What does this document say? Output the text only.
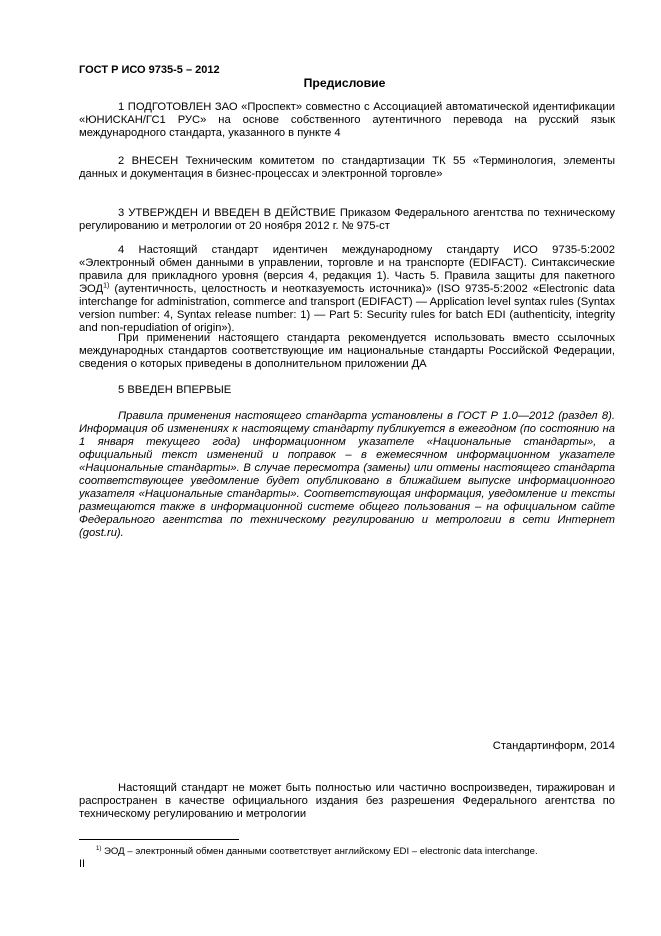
ГОСТ Р ИСО 9735-5 – 2012
Предисловие
1 ПОДГОТОВЛЕН ЗАО «Проспект» совместно с Ассоциацией автоматической идентификации «ЮНИСКАН/ГС1 РУС» на основе собственного аутентичного перевода на русский язык международного стандарта, указанного в пункте 4
2 ВНЕСЕН Техническим комитетом по стандартизации ТК 55 «Терминология, элементы данных и документация в бизнес-процессах и электронной торговле»
3 УТВЕРЖДЕН И ВВЕДЕН В ДЕЙСТВИЕ Приказом Федерального агентства по техническому регулированию и метрологии от 20 ноября 2012 г. № 975-ст
4 Настоящий стандарт идентичен международному стандарту ИСО 9735-5:2002 «Электронный обмен данными в управлении, торговле и на транспорте (EDIFACT). Синтаксические правила для прикладного уровня (версия 4, редакция 1). Часть 5. Правила защиты для пакетного ЭОД$^{1)}$ (аутентичность, целостность и неотказуемость источника)» (ISO 9735-5:2002 «Electronic data interchange for administration, commerce and transport (EDIFACT) — Application level syntax rules (Syntax version number: 4, Syntax release number: 1) — Part 5: Security rules for batch EDI (authenticity, integrity and non-repudiation of origin»).
При применении настоящего стандарта рекомендуется использовать вместо ссылочных международных стандартов соответствующие им национальные стандарты Российской Федерации, сведения о которых приведены в дополнительном приложении ДА
5 ВВЕДЕН ВПЕРВЫЕ
Правила применения настоящего стандарта установлены в ГОСТ Р 1.0—2012 (раздел 8). Информация об изменениях к настоящему стандарту публикуется в ежегодном (по состоянию на 1 января текущего года) информационном указателе «Национальные стандарты», а официальный текст изменений и поправок – в ежемесячном информационном указателе «Национальные стандарты». В случае пересмотра (замены) или отмены настоящего стандарта соответствующее уведомление будет опубликовано в ближайшем выпуске информационного указателя «Национальные стандарты». Соответствующая информация, уведомление и тексты размещаются также в информационной системе общего пользования – на официальном сайте Федерального агентства по техническому регулированию и метрологии в сети Интернет (gost.ru).
Стандартинформ, 2014
Настоящий стандарт не может быть полностью или частично воспроизведен, тиражирован и распространен в качестве официального издания без разрешения Федерального агентства по техническому регулированию и метрологии
$^{1)}$ ЭОД – электронный обмен данными соответствует английскому EDI – electronic data interchange.
II
